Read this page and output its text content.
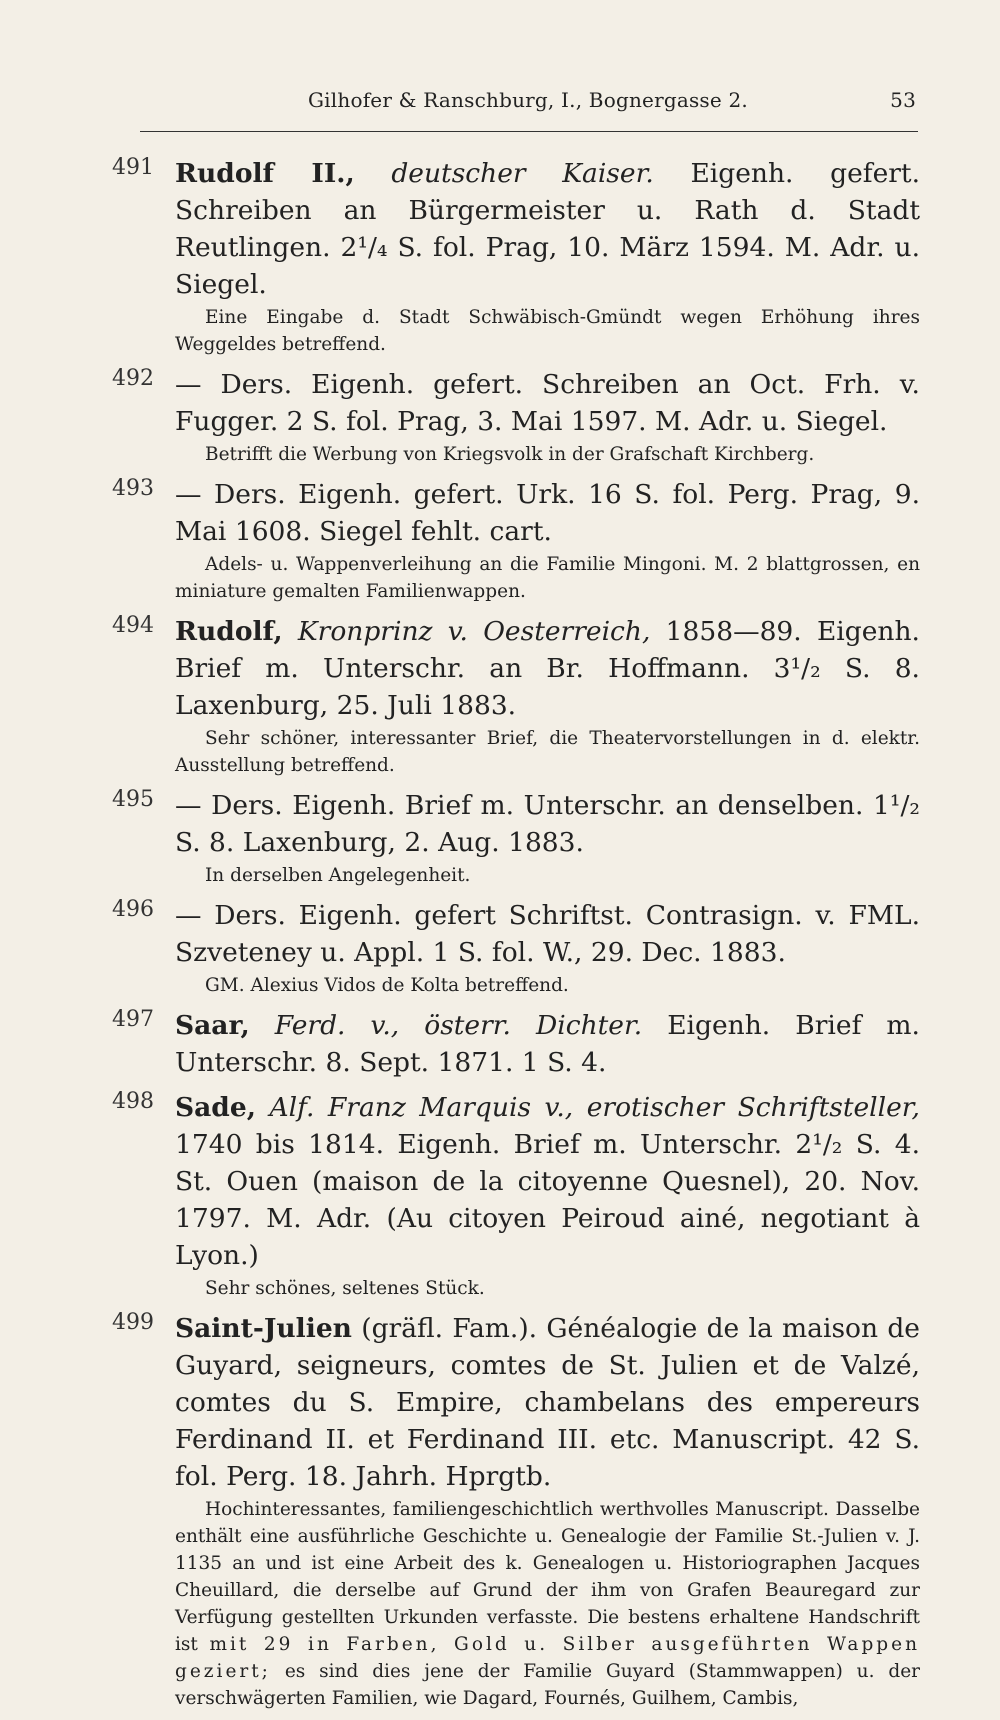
Gilhofer & Ranschburg, I., Bognergasse 2.	53
491 Rudolf II., deutscher Kaiser. Eigenh. gefert. Schreiben an Bürgermeister u. Rath d. Stadt Reutlingen. 2¹/₄ S. fol. Prag, 10. März 1594. M. Adr. u. Siegel.
Eine Eingabe d. Stadt Schwäbisch-Gmündt wegen Erhöhung ihres Weggeldes betreffend.
492 — Ders. Eigenh. gefert. Schreiben an Oct. Frh. v. Fugger. 2 S. fol. Prag, 3. Mai 1597. M. Adr. u. Siegel.
Betrifft die Werbung von Kriegsvolk in der Grafschaft Kirchberg.
493 — Ders. Eigenh. gefert. Urk. 16 S. fol. Perg. Prag, 9. Mai 1608. Siegel fehlt. cart.
Adels- u. Wappenverleihung an die Familie Mingoni. M. 2 blattgrossen, en miniature gemalten Familienwappen.
494 Rudolf, Kronprinz v. Oesterreich, 1858—89. Eigenh. Brief m. Unterschr. an Br. Hoffmann. 3¹/₂ S. 8. Laxenburg, 25. Juli 1883.
Sehr schöner, interessanter Brief, die Theatervorstellungen in d. elektr. Ausstellung betreffend.
495 — Ders. Eigenh. Brief m. Unterschr. an denselben. 1¹/₂ S. 8. Laxenburg, 2. Aug. 1883.
In derselben Angelegenheit.
496 — Ders. Eigenh. gefert Schriftst. Contrasign. v. FML. Szveteney u. Appl. 1 S. fol. W., 29. Dec. 1883.
GM. Alexius Vidos de Kolta betreffend.
497 Saar, Ferd. v., österr. Dichter. Eigenh. Brief m. Unterschr. 8. Sept. 1871. 1 S. 4.
498 Sade, Alf. Franz Marquis v., erotischer Schriftsteller, 1740 bis 1814. Eigenh. Brief m. Unterschr. 2¹/₂ S. 4. St. Ouen (maison de la citoyenne Quesnel), 20. Nov. 1797. M. Adr. (Au citoyen Peiroud ainé, negotiant à Lyon.)
Sehr schönes, seltenes Stück.
499 Saint-Julien (gräfl. Fam.). Généalogie de la maison de Guyard, seigneurs, comtes de St. Julien et de Valzé, comtes du S. Empire, chambelans des empereurs Ferdinand II. et Ferdinand III. etc. Manuscript. 42 S. fol. Perg. 18. Jahrh. Hprgtb.
Hochinteressantes, familiengeschichtlich werthvolles Manuscript. Dasselbe enthält eine ausführliche Geschichte u. Genealogie der Familie St.-Julien v. J. 1135 an und ist eine Arbeit des k. Genealogen u. Historiographen Jacques Cheuillard, die derselbe auf Grund der ihm von Grafen Beauregard zur Verfügung gestellten Urkunden verfasste. Die bestens erhaltene Handschrift ist mit 29 in Farben, Gold u. Silber ausgeführten Wappen geziert; es sind dies jene der Familie Guyard (Stammwappen) u. der verschwägerten Familien, wie Dagard, Fournés, Guilhem, Cambis,
